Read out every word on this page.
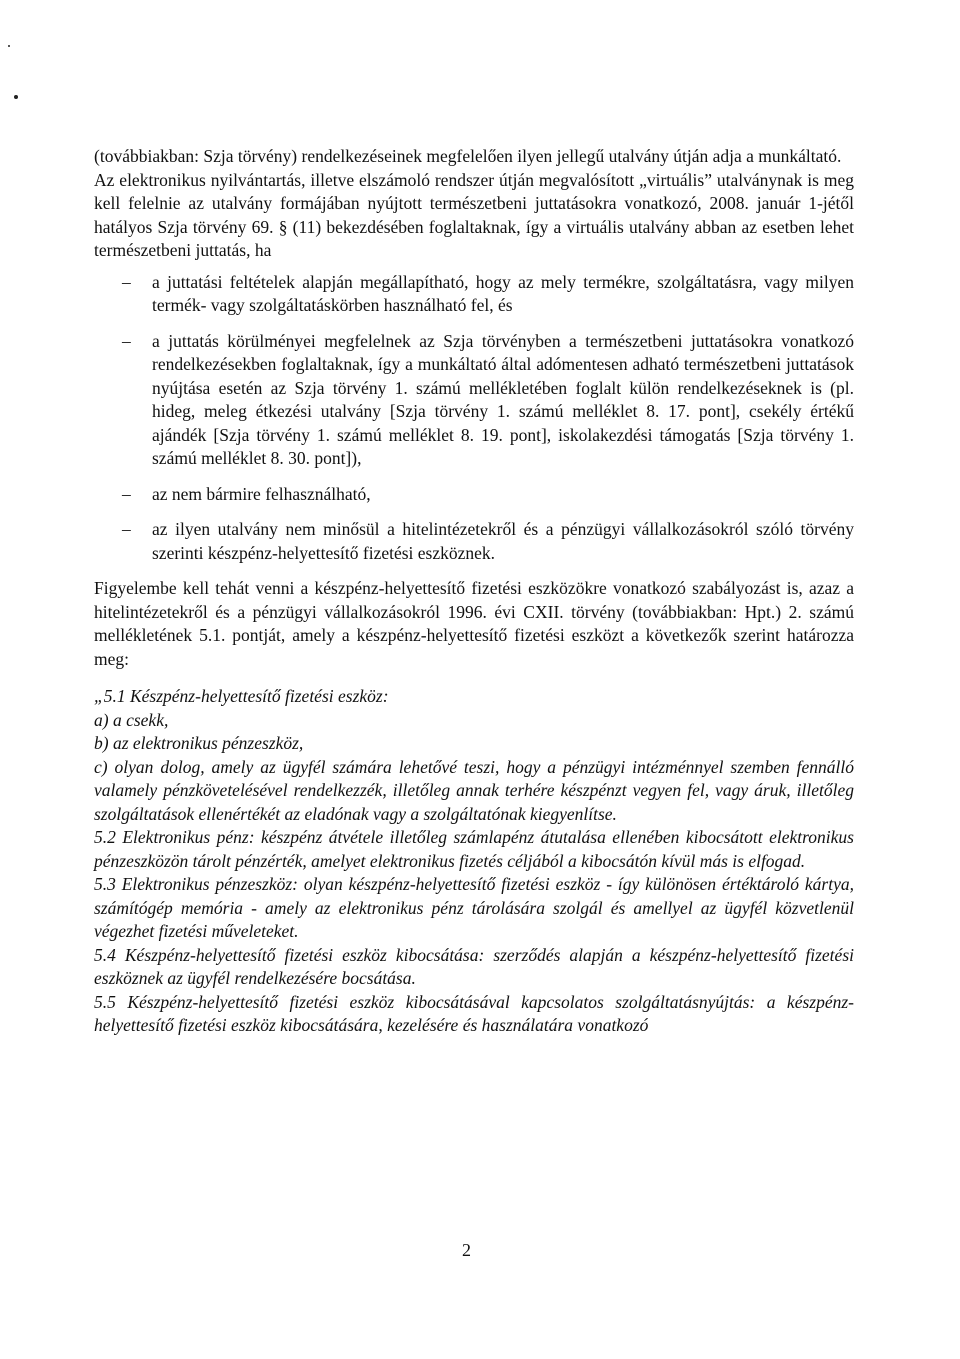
(továbbiakban: Szja törvény) rendelkezéseinek megfelelően ilyen jellegű utalvány útján adja a munkáltató.

Az elektronikus nyilvántartás, illetve elszámoló rendszer útján megvalósított „virtuális” utalványnak is meg kell felelnie az utalvány formájában nyújtott természetbeni juttatásokra vonatkozó, 2008. január 1-jétől hatályos Szja törvény 69. § (11) bekezdésében foglaltaknak, így a virtuális utalvány abban az esetben lehet természetbeni juttatás, ha

– a juttatási feltételek alapján megállapítható, hogy az mely termékre, szolgáltatásra, vagy milyen termék- vagy szolgáltatáskörben használható fel, és
– a juttatás körülményei megfelelnek az Szja törvényben a természetbeni juttatásokra vonatkozó rendelkezésekben foglaltaknak, így a munkáltató által adómentesen adható természetbeni juttatások nyújtása esetén az Szja törvény 1. számú mellékletében foglalt külön rendelkezéseknek is (pl. hideg, meleg étkezési utalvány [Szja törvény 1. számú melléklet 8. 17. pont], csekély értékű ajándék [Szja törvény 1. számú melléklet 8. 19. pont], iskolakezdési támogatás [Szja törvény 1. számú melléklet 8. 30. pont]),
– az nem bármire felhasználható,
– az ilyen utalvány nem minősül a hitelintézetekről és a pénzügyi vállalkozásokról szóló törvény szerinti készpénz-helyettesítő fizetési eszköznek.

Figyelembe kell tehát venni a készpénz-helyettesítő fizetési eszközökre vonatkozó szabályozást is, azaz a hitelintézetekről és a pénzügyi vállalkozásokról 1996. évi CXII. törvény (továbbiakban: Hpt.) 2. számú mellékletének 5.1. pontját, amely a készpénz-helyettesítő fizetési eszközt a következők szerint határozza meg:

„5.1 Készpénz-helyettesítő fizetési eszköz:

a) a csekk,

b) az elektronikus pénzeszköz,

c) olyan dolog, amely az ügyfél számára lehetővé teszi, hogy a pénzügyi intézménnyel szemben fennálló valamely pénzkövetelésével rendelkezzék, illetőleg annak terhére készpénzt vegyen fel, vagy áruk, illetőleg szolgáltatások ellenértékét az eladónak vagy a szolgáltatónak kiegyenlítse.

5.2 Elektronikus pénz: készpénz átvétele illetőleg számlapénz átutalása ellenében kibocsátott elektronikus pénzeszközön tárolt pénzérték, amelyet elektronikus fizetés céljából a kibocsátón kívül más is elfogad.

5.3 Elektronikus pénzeszköz: olyan készpénz-helyettesítő fizetési eszköz - így különösen értéktároló kártya, számítógép memória - amely az elektronikus pénz tárolására szolgál és amellyel az ügyfél közvetlenül végezhet fizetési műveleteket.

5.4 Készpénz-helyettesítő fizetési eszköz kibocsátása: szerződés alapján a készpénz-helyettesítő fizetési eszköznek az ügyfél rendelkezésére bocsátása.

5.5 Készpénz-helyettesítő fizetési eszköz kibocsátásával kapcsolatos szolgáltatásnyújtás: a készpénz-helyettesítő fizetési eszköz kibocsátására, kezelésére és használatára vonatkozó

2
